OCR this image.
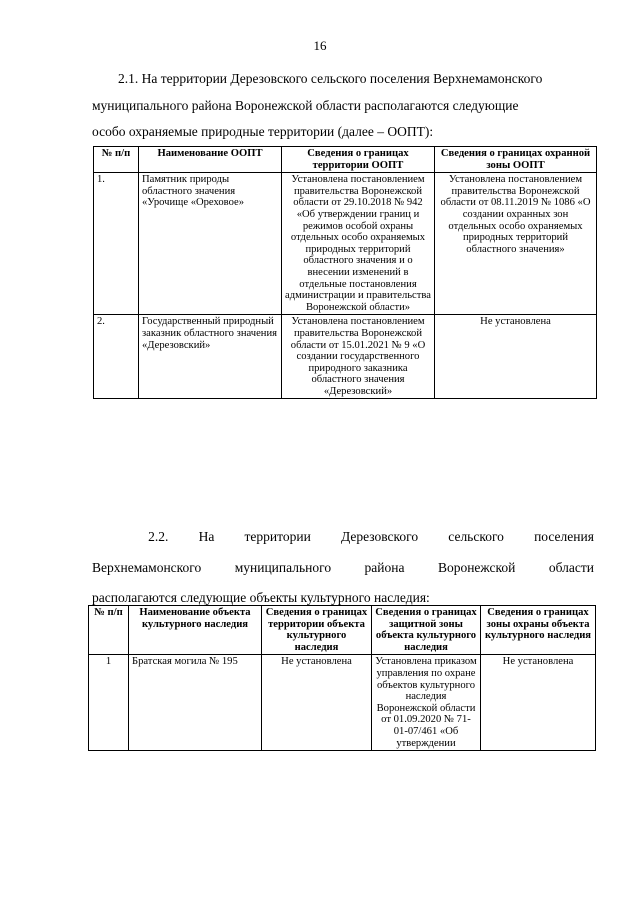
16

2.1.
На территории Дерезовского сельского поселения Верхнемамонского

муниципального района Воронежской области располагаются следующие

особо охраняемые природные территории (далее – ООПТ):

№ п/п	Наименование ООПТ	Сведения о границах территории ООПТ	Сведения о границах охранной зоны ООПТ
1.	Памятник природы областного значения «Урочище «Ореховое»	Установлена постановлением правительства Воронежской области от 29.10.2018 № 942 «Об утверждении границ и режимов особой охраны отдельных особо охраняемых природных территорий областного значения и о внесении изменений в отдельные постановления администрации и правительства Воронежской области»	Установлена постановлением правительства Воронежской области от 08.11.2019 № 1086 «О создании охранных зон отдельных особо охраняемых природных территорий областного значения»
2.	Государственный природный заказник областного значения «Дерезовский»	Установлена постановлением правительства Воронежской области от 15.01.2021 № 9 «О создании государственного природного заказника областного значения «Дерезовский»	Не установлена

2.2. На территории Дерезовского сельского поселения

Верхнемамонского муниципального района Воронежской области

располагаются следующие объекты культурного наследия:

№ п/п	Наименование объекта культурного наследия	Сведения о границах территории объекта культурного наследия	Сведения о границах защитной зоны объекта культурного наследия	Сведения о границах зоны охраны объекта культурного наследия
1	Братская могила № 195	Не установлена	Установлена приказом управления по охране объектов культурного наследия Воронежской области от 01.09.2020 № 71-01-07/461 «Об утверждении	Не установлена
